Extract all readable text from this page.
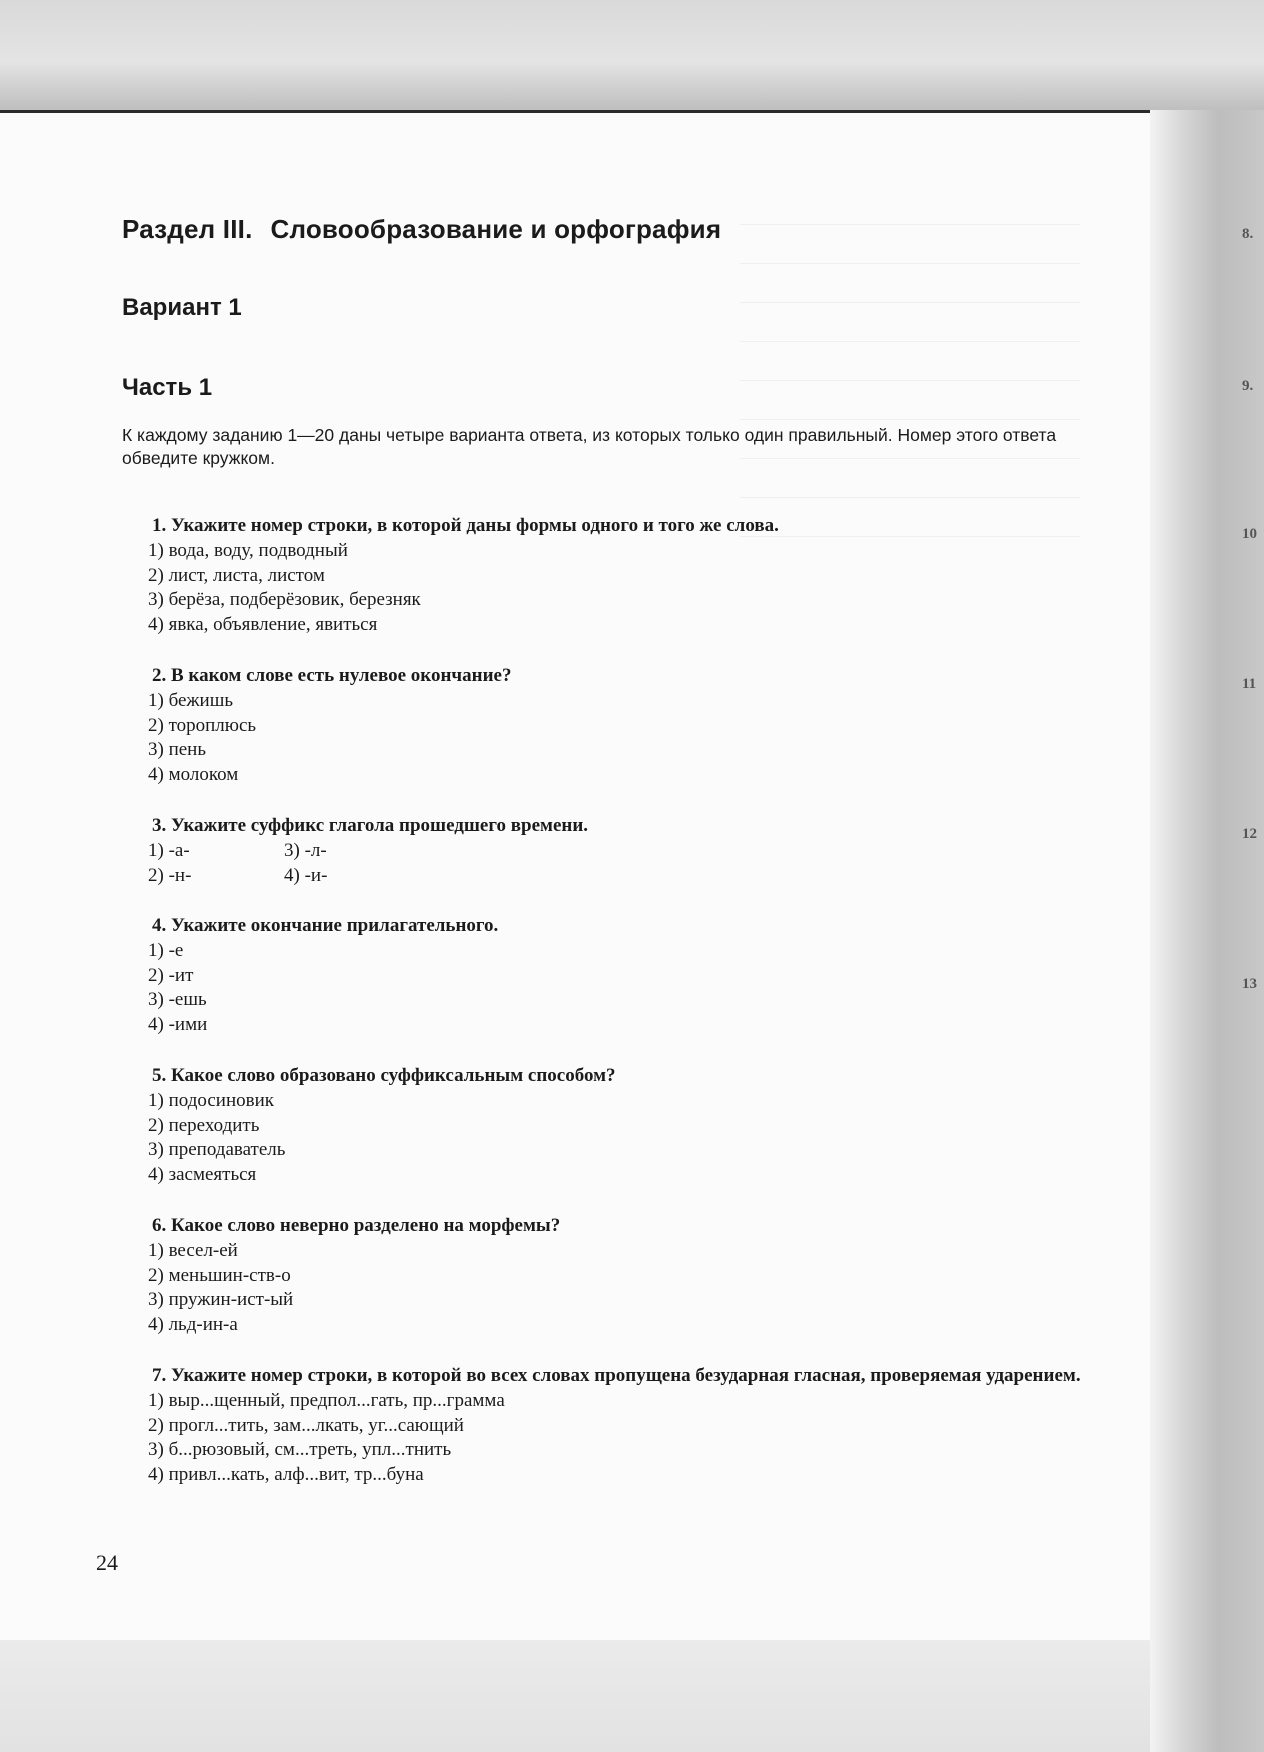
8.
9.
10
11
12
13
Раздел III. Словообразование и орфография
Вариант 1
Часть 1
К каждому заданию 1—20 даны четыре варианта ответа, из которых только один правильный. Номер этого ответа обведите кружком.
1. Укажите номер строки, в которой даны формы одного и того же слова.
1) вода, воду, подводный
2) лист, листа, листом
3) берёза, подберёзовик, березняк
4) явка, объявление, явиться
2. В каком слове есть нулевое окончание?
1) бежишь
2) тороплюсь
3) пень
4) молоком
3. Укажите суффикс глагола прошедшего времени.
1) -а-	3) -л-
2) -н-	4) -и-
4. Укажите окончание прилагательного.
1) -е
2) -ит
3) -ешь
4) -ими
5. Какое слово образовано суффиксальным способом?
1) подосиновик
2) переходить
3) преподаватель
4) засмеяться
6. Какое слово неверно разделено на морфемы?
1) весел-ей
2) меньшин-ств-о
3) пружин-ист-ый
4) льд-ин-а
7. Укажите номер строки, в которой во всех словах пропущена безударная гласная, проверяемая ударением.
1) выр...щенный, предпол...гать, пр...грамма
2) прогл...тить, зам...лкать, уг...сающий
3) б...рюзовый, см...треть, упл...тнить
4) привл...кать, алф...вит, тр...буна
24
